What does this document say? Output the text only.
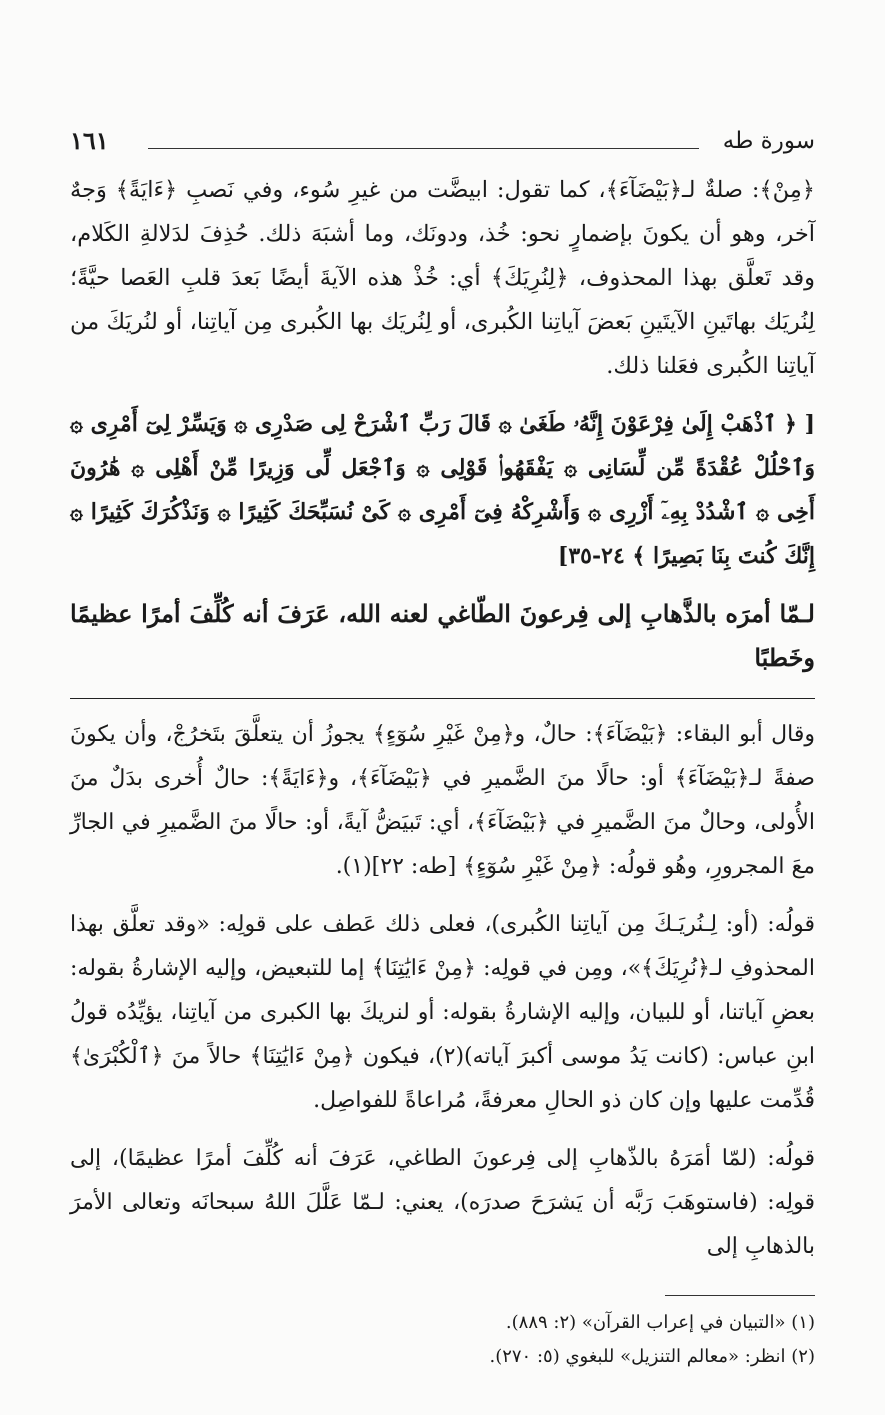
سورة طه
١٦١

﴿مِنْ﴾: صلةٌ لـ﴿بَيْضَآءَ﴾، كما تقول: ابيضَّت من غيرِ سُوء، وفي نَصبِ ﴿ءَايَةً﴾ وَجهٌ آخر، وهو أن يكونَ بإضمارٍ نحو: خُذ، ودونَك، وما أشبَهَ ذلك. حُذِفَ لدَلالةِ الكَلام، وقد تَعلَّق بهذا المحذوف، ﴿لِنُرِيَكَ﴾ أي: خُذْ هذه الآيةَ أيضًا بَعدَ قلبِ العَصا حيَّةً؛ لِنُريَك بهاتَينِ الآيتَينِ بَعضَ آياتِنا الكُبرى، أو لِنُريَك بها الكُبرى مِن آياتِنا، أو لنُريَكَ من آياتِنا الكُبرى فعَلنا ذلك.

[ ﴿ ٱذْهَبْ إِلَىٰ فِرْعَوْنَ إِنَّهُۥ طَغَىٰ ۞ قَالَ رَبِّ ٱشْرَحْ لِى صَدْرِى ۞ وَيَسِّرْ لِىٓ أَمْرِى ۞ وَٱحْلُلْ عُقْدَةً مِّن لِّسَانِى ۞ يَفْقَهُوا۟ قَوْلِى ۞ وَٱجْعَل لِّى وَزِيرًا مِّنْ أَهْلِى ۞ هَٰرُونَ أَخِى ۞ ٱشْدُدْ بِهِۦٓ أَزْرِى ۞ وَأَشْرِكْهُ فِىٓ أَمْرِى ۞ كَىْ نُسَبِّحَكَ كَثِيرًا ۞ وَنَذْكُرَكَ كَثِيرًا ۞ إِنَّكَ كُنتَ بِنَا بَصِيرًا ﴾ ٢٤-٣٥]

لـمّا أمرَه بالذَّهابِ إلى فِرعونَ الطّاغي لعنه الله، عَرَفَ أنه كُلِّفَ أمرًا عظيمًا وخَطبًا

وقال أبو البقاء: ﴿بَيْضَآءَ﴾: حالٌ، و﴿مِنْ غَيْرِ سُوٓءٍ﴾ يجوزُ أن يتعلَّقَ بتَخرُجْ، وأن يكونَ صفةً لـ﴿بَيْضَآءَ﴾ أو: حالًا منَ الضَّميرِ في ﴿بَيْضَآءَ﴾، و﴿ءَايَةً﴾: حالٌ أُخرى بدَلٌ منَ الأُولى، وحالٌ منَ الضَّميرِ في ﴿بَيْضَآءَ﴾، أي: تَبيَضُّ آيةً، أو: حالًا منَ الضَّميرِ في الجارِّ معَ المجرورِ، وهُو قولُه: ﴿مِنْ غَيْرِ سُوٓءٍ﴾ [طه: ٢٢](١).

قولُه: (أو: لِـنُريَـكَ مِن آياتِنا الكُبرى)، فعلى ذلك عَطف على قولِه: «وقد تعلَّق بهذا المحذوفِ لـ﴿نُرِيَكَ﴾»، ومِن في قولِه: ﴿مِنْ ءَايَٰتِنَا﴾ إما للتبعيض، وإليه الإشارةُ بقوله: بعضِ آياتنا، أو للبيان، وإليه الإشارةُ بقوله: أو لنريكَ بها الكبرى من آياتِنا، يؤيِّدُه قولُ ابنِ عباس: (كانت يَدُ موسى أكبرَ آياته)(٢)، فيكون ﴿مِنْ ءَايَٰتِنَا﴾ حالاً منَ ﴿ٱلْكُبْرَىٰ﴾ قُدِّمت عليها وإن كان ذو الحالِ معرفةً، مُراعاةً للفواصِل.

قولُه: (لمّا أمَرَهُ بالذّهابِ إلى فِرعونَ الطاغي، عَرَفَ أنه كُلِّفَ أمرًا عظيمًا)، إلى قولِه: (فاستوهَبَ رَبَّه أن يَشرَحَ صدرَه)، يعني: لـمّا عَلَّلَ اللهُ سبحانَه وتعالى الأمرَ بالذهابِ إلى

(١) «التبيان في إعراب القرآن» (٢: ٨٨٩).
(٢) انظر: «معالم التنزيل» للبغوي (٥: ٢٧٠).
